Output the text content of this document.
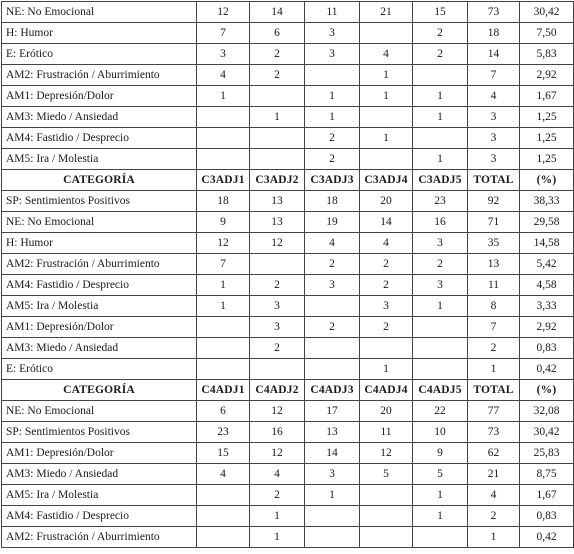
NE: No Emocional	12	14	11	21	15	73	30,42
H: Humor	7	6	3		2	18	7,50
E: Erótico	3	2	3	4	2	14	5,83
AM2: Frustración / Aburrimiento	4	2		1		7	2,92
AM1: Depresión/Dolor	1		1	1	1	4	1,67
AM3: Miedo / Ansiedad		1	1		1	3	1,25
AM4: Fastidio / Desprecio			2	1		3	1,25
AM5: Ira / Molestia			2		1	3	1,25
CATEGORÍA	C3ADJ1	C3ADJ2	C3ADJ3	C3ADJ4	C3ADJ5	TOTAL	(%)
SP: Sentimientos Positivos	18	13	18	20	23	92	38,33
NE: No Emocional	9	13	19	14	16	71	29,58
H: Humor	12	12	4	4	3	35	14,58
AM2: Frustración / Aburrimiento	7		2	2	2	13	5,42
AM4: Fastidio / Desprecio	1	2	3	2	3	11	4,58
AM5: Ira / Molestia	1	3		3	1	8	3,33
AM1: Depresión/Dolor		3	2	2		7	2,92
AM3: Miedo / Ansiedad		2				2	0,83
E: Erótico				1		1	0,42
CATEGORÍA	C4ADJ1	C4ADJ2	C4ADJ3	C4ADJ4	C4ADJ5	TOTAL	(%)
NE: No Emocional	6	12	17	20	22	77	32,08
SP: Sentimientos Positivos	23	16	13	11	10	73	30,42
AM1: Depresión/Dolor	15	12	14	12	9	62	25,83
AM3: Miedo / Ansiedad	4	4	3	5	5	21	8,75
AM5: Ira / Molestia		2	1		1	4	1,67
AM4: Fastidio / Desprecio		1			1	2	0,83
AM2: Frustración / Aburrimiento		1				1	0,42
